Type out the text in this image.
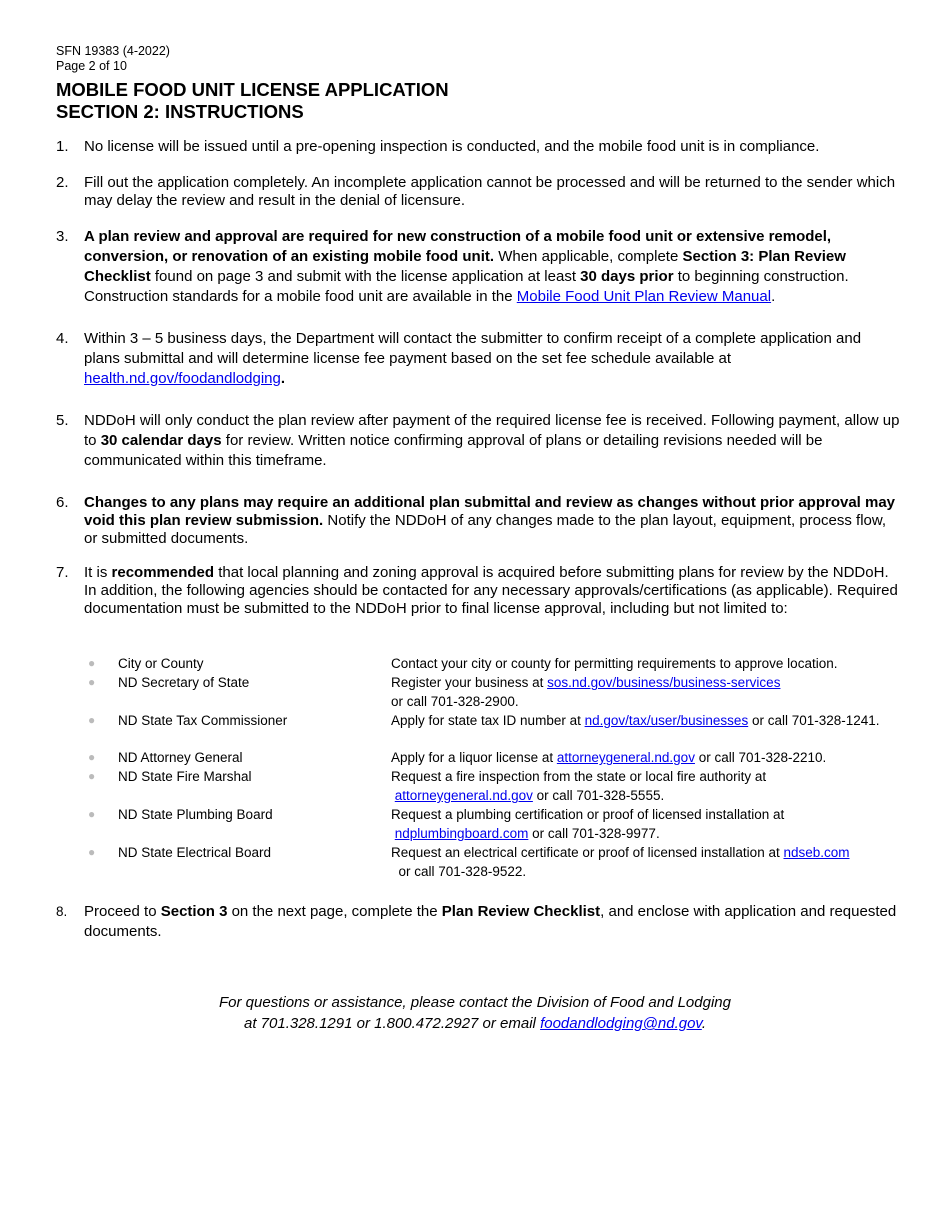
SFN 19383 (4-2022)
Page 2 of 10
MOBILE FOOD UNIT LICENSE APPLICATION
SECTION 2: INSTRUCTIONS
1.	No license will be issued until a pre-opening inspection is conducted, and the mobile food unit is in compliance.
2.	Fill out the application completely. An incomplete application cannot be processed and will be returned to the sender which may delay the review and result in the denial of licensure.
3.	A plan review and approval are required for new construction of a mobile food unit or extensive remodel, conversion, or renovation of an existing mobile food unit. When applicable, complete Section 3: Plan Review Checklist found on page 3 and submit with the license application at least 30 days prior to beginning construction. Construction standards for a mobile food unit are available in the Mobile Food Unit Plan Review Manual.
4.	Within 3 – 5 business days, the Department will contact the submitter to confirm receipt of a complete application and plans submittal and will determine license fee payment based on the set fee schedule available at health.nd.gov/foodandlodging.
5.	NDDoH will only conduct the plan review after payment of the required license fee is received. Following payment, allow up to 30 calendar days for review. Written notice confirming approval of plans or detailing revisions needed will be communicated within this timeframe.
6.	Changes to any plans may require an additional plan submittal and review as changes without prior approval may void this plan review submission. Notify the NDDoH of any changes made to the plan layout, equipment, process flow, or submitted documents.
7.	It is recommended that local planning and zoning approval is acquired before submitting plans for review by the NDDoH. In addition, the following agencies should be contacted for any necessary approvals/certifications (as applicable). Required documentation must be submitted to the NDDoH prior to final license approval, including but not limited to:
● City or County	Contact your city or county for permitting requirements to approve location.
● ND Secretary of State	Register your business at sos.nd.gov/business/business-services
or call 701-328-2900.
● ND State Tax Commissioner	Apply for state tax ID number at nd.gov/tax/user/businesses or call 701-328-1241.
● ND Attorney General	Apply for a liquor license at attorneygeneral.nd.gov or call 701-328-2210.
● ND State Fire Marshal	Request a fire inspection from the state or local fire authority at
attorneygeneral.nd.gov or call 701-328-5555.
● ND State Plumbing Board	Request a plumbing certification or proof of licensed installation at
ndplumbingboard.com or call 701-328-9977.
● ND State Electrical Board	Request an electrical certificate or proof of licensed installation at ndseb.com
or call 701-328-9522.
8.	Proceed to Section 3 on the next page, complete the Plan Review Checklist, and enclose with application and requested documents.
For questions or assistance, please contact the Division of Food and Lodging
at 701.328.1291 or 1.800.472.2927 or email foodandlodging@nd.gov.
